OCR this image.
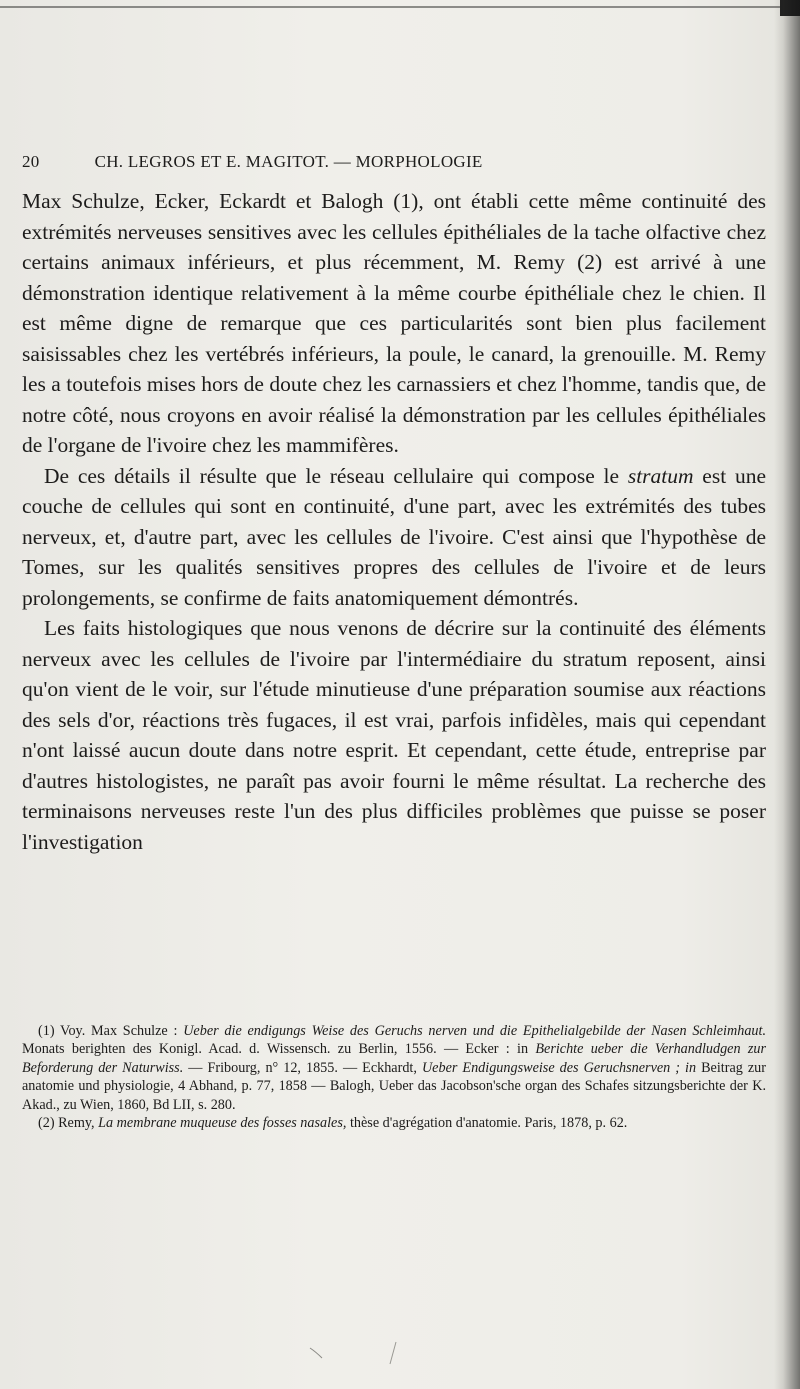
20	CH. LEGROS ET E. MAGITOT. — MORPHOLOGIE

Max Schulze, Ecker, Eckardt et Balogh (1), ont établi cette même continuité des extrémités nerveuses sensitives avec les cellules épithéliales de la tache olfactive chez certains animaux inférieurs, et plus récemment, M. Remy (2) est arrivé à une démonstration identique relativement à la même courbe épithéliale chez le chien. Il est même digne de remarque que ces particularités sont bien plus facilement saisissables chez les vertébrés inférieurs, la poule, le canard, la grenouille. M. Remy les a toutefois mises hors de doute chez les carnassiers et chez l'homme, tandis que, de notre côté, nous croyons en avoir réalisé la démonstration par les cellules épithéliales de l'organe de l'ivoire chez les mammifères.

De ces détails il résulte que le réseau cellulaire qui compose le stratum est une couche de cellules qui sont en continuité, d'une part, avec les extrémités des tubes nerveux, et, d'autre part, avec les cellules de l'ivoire. C'est ainsi que l'hypothèse de Tomes, sur les qualités sensitives propres des cellules de l'ivoire et de leurs prolongements, se confirme de faits anatomiquement démontrés.

Les faits histologiques que nous venons de décrire sur la continuité des éléments nerveux avec les cellules de l'ivoire par l'intermédiaire du stratum reposent, ainsi qu'on vient de le voir, sur l'étude minutieuse d'une préparation soumise aux réactions des sels d'or, réactions très fugaces, il est vrai, parfois infidèles, mais qui cependant n'ont laissé aucun doute dans notre esprit. Et cependant, cette étude, entreprise par d'autres histologistes, ne paraît pas avoir fourni le même résultat. La recherche des terminaisons nerveuses reste l'un des plus difficiles problèmes que puisse se poser l'investigation

(1) Voy. Max Schulze : Ueber die endigungs Weise des Geruchs nerven und die Epithelialgebilde der Nasen Schleimhaut. Monats berighten des Konigl. Acad. d. Wissensch. zu Berlin, 1556. — Ecker : in Berichte ueber die Verhandludgen zur Beforderung der Naturwiss. — Fribourg, n° 12, 1855. — Eckhardt, Ueber Endigungsweise des Geruchsnerven ; in Beitrag zur anatomie und physiologie, 4 Abhand, p. 77, 1858 — Balogh, Ueber das Jacobson'sche organ des Schafes sitzungsberichte der K. Akad., zu Wien, 1860, Bd LII, s. 280.

(2) Remy, La membrane muqueuse des fosses nasales, thèse d'agrégation d'anatomie. Paris, 1878, p. 62.
